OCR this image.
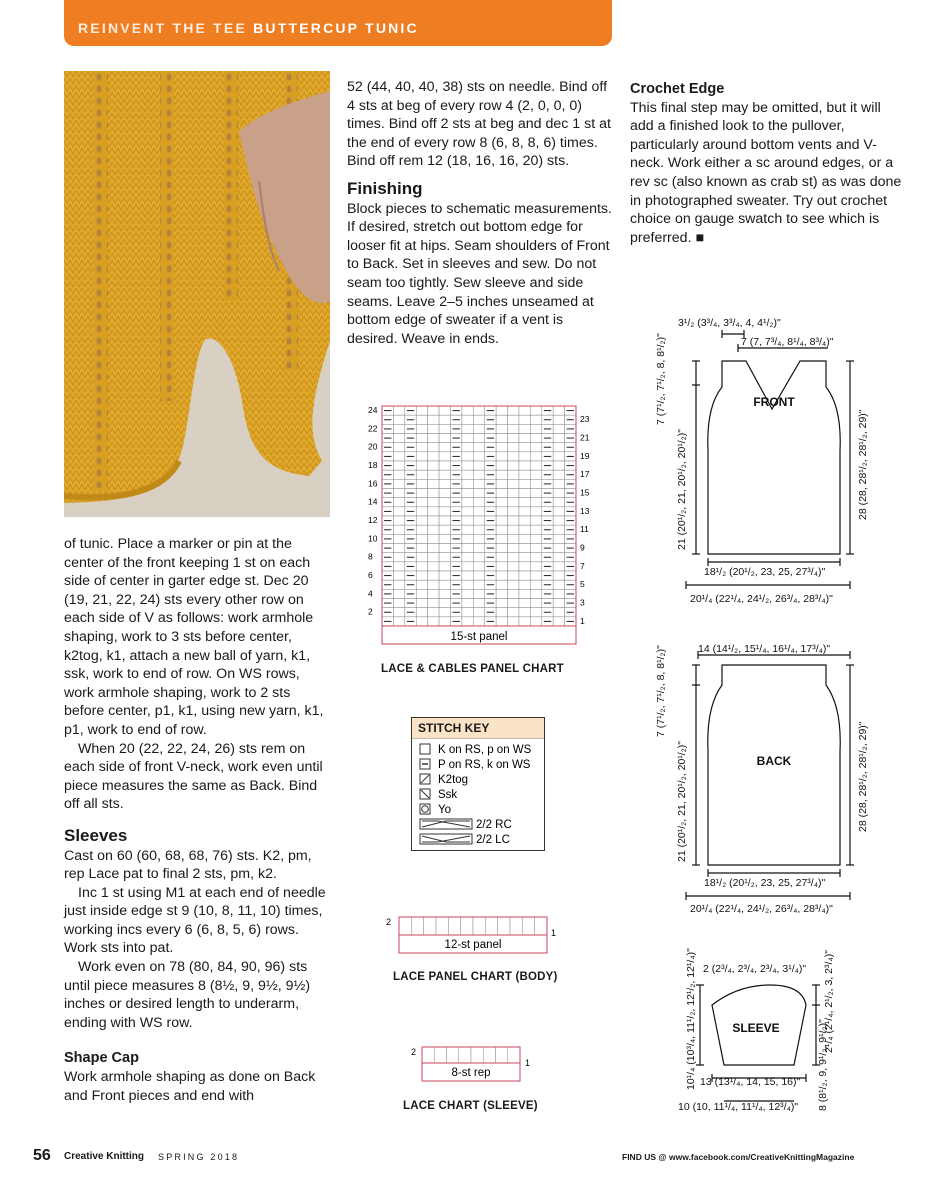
REINVENT THE TEE BUTTERCUP TUNIC

of tunic. Place a marker or pin at the center of the front keeping 1 st on each side of center in garter edge st. Dec 20 (19, 21, 22, 24) sts every other row on each side of V as follows: work armhole shaping, work to 3 sts before center, k2tog, k1, attach a new ball of yarn, k1, ssk, work to end of row. On WS rows, work armhole shaping, work to 2 sts before center, p1, k1, using new yarn, k1, p1, work to end of row.

When 20 (22, 22, 24, 26) sts rem on each side of front V-neck, work even until piece measures the same as Back. Bind off all sts.

Sleeves

Cast on 60 (60, 68, 68, 76) sts. K2, pm, rep Lace pat to final 2 sts, pm, k2.

Inc 1 st using M1 at each end of needle just inside edge st 9 (10, 8, 11, 10) times, working incs every 6 (6, 8, 5, 6) rows. Work sts into pat.

Work even on 78 (80, 84, 90, 96) sts until piece measures 8 (8½, 9, 9½, 9½) inches or desired length to underarm, ending with WS row.

Shape Cap

Work armhole shaping as done on Back and Front pieces and end with

52 (44, 40, 40, 38) sts on needle. Bind off 4 sts at beg of every row 4 (2, 0, 0, 0) times. Bind off 2 sts at beg and dec 1 st at the end of every row 8 (6, 8, 8, 6) times. Bind off rem 12 (18, 16, 16, 20) sts.

Finishing

Block pieces to schematic measurements. If desired, stretch out bottom edge for looser fit at hips. Seam shoulders of Front to Back. Set in sleeves and sew. Do not seam too tightly. Sew sleeve and side seams. Leave 2–5 inches unseamed at bottom edge of sweater if a vent is desired. Weave in ends.

Crochet Edge

This final step may be omitted, but it will add a finished look to the pullover, particularly around bottom vents and V-neck. Work either a sc around edges, or a rev sc (also known as crab st) as was done in photographed sweater. Try out crochet choice on gauge swatch to see which is preferred. ■

24
22
20
18
16
14
12
10
8
6
4
2
23
21
19
17
15
13
11
9
7
5
3
1
15-st panel
LACE & CABLES PANEL CHART
STITCH KEY
K on RS, p on WS
P on RS, k on WS
K2tog
Ssk
Yo
2/2 RC
2/2 LC
2
1
12-st panel
LACE PANEL CHART (BODY)
2
1
8-st rep
LACE CHART (SLEEVE)
FRONT
3¹/₂ (3³/₄, 3³/₄, 4, 4¹/₂)"
7 (7, 7³/₄, 8¹/₄, 8³/₄)"
7 (7¹/₂, 7¹/₂, 8, 8¹/₂)"
21 (20¹/₂, 21, 20¹/₂, 20¹/₂)"	28 (28, 28¹/₂, 28¹/₂, 29)"
18¹/₂ (20¹/₂, 23, 25, 27³/₄)"
20¹/₄ (22¹/₄, 24¹/₂, 26³/₄, 28³/₄)"
BACK
14 (14¹/₂, 15¹/₄, 16¹/₄, 17³/₄)"
7 (7¹/₂, 7¹/₂, 8, 8¹/₂)"
21 (20¹/₂, 21, 20¹/₂, 20¹/₂)"	28 (28, 28¹/₂, 28¹/₂, 29)"
18¹/₂ (20¹/₂, 23, 25, 27³/₄)"
20¹/₄ (22¹/₄, 24¹/₂, 26³/₄, 28³/₄)"
SLEEVE
2 (2³/₄, 2³/₄, 2³/₄, 3¹/₄)"
10¹/₄ (10³/₄, 11¹/₂, 12¹/₂, 12¹/₄)"	2¹/₄ (2¹/₄, 2¹/₂, 3, 2³/₄)"
8 (8¹/₂, 9, 9¹/₂, 9¹/₂)"
13 (13¹/₄, 14, 15, 16)"
10 (10, 11¹/₄, 11¹/₄, 12³/₄)"
56 Creative Knitting SPRING 2018	FIND US @ www.facebook.com/CreativeKnittingMagazine
